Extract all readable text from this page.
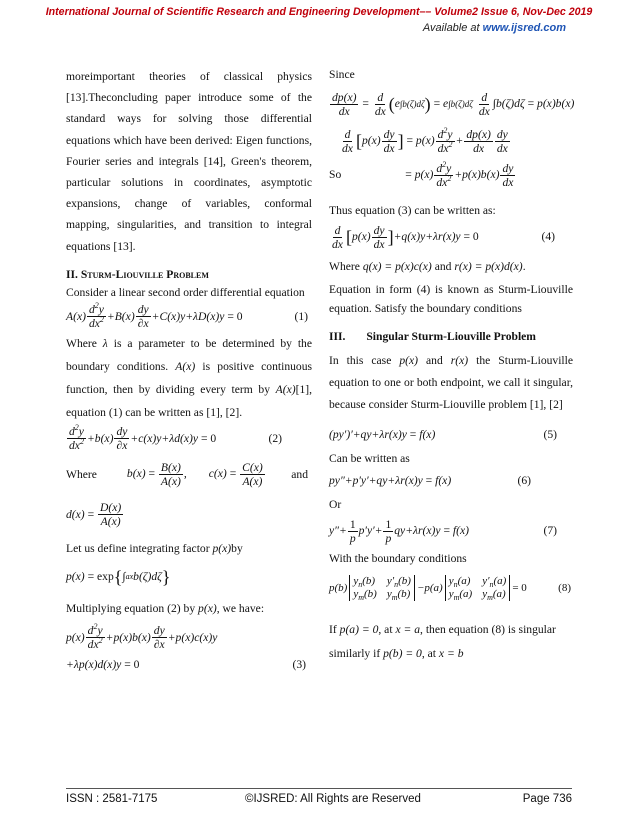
International Journal of Scientific Research and Engineering Development–– Volume2 Issue 6, Nov-Dec 2019
Available at www.ijsred.com

moreimportant theories of classical physics [13].Theconcluding paper introduce some of the standard ways for solving those differential equations which have been derived: Eigen functions, Fourier series and integrals [14], Green's theorem, particular solutions in coordinates, asymptotic expansions, change of variables, conformal mapping, singularities, and transition to integral equations [13].

II. Sturm-Liouville Problem

Consider a linear second order differential equation

$A(x) \frac{d^2y}{dx^2} +B(x) \frac{dy}{\partial x} +C(x)y+\lambda D(x)y = 0$	(1)

Where λ is a parameter to be determined by the boundary conditions. A(x) is positive continuous function, then by dividing every term by A(x)[1], equation (1) can be written as [1], [2].

$\frac{d^2y}{dx^2} +b(x) \frac{dy}{\partial x} +c(x)y+\lambda d(x)y = 0$	(2)
Where	$b(x) = \frac{B(x)}{A(x)}$ , $c(x) = \frac{C(x)}{A(x)}$ and
$d(x) = \frac{D(x)}{A(x)}$

Let us define integrating factor p(x)by

p(x) = exp { ∫ a x b(ζ)dζ }

Multiplying equation (2) by p(x), we have:

$p(x) \frac{d^2y}{dx^2} +p(x)b(x) \frac{dy}{\partial x} +p(x)c(x)y$
+λp(x)d(x)y = 0	(3)

Since

$\frac{dp(x)}{dx} = \frac{d}{dx}$ ( e ∫b(ζ)dζ ) = e ∫b(ζ)dζ
$\frac{d}{dx} \int b(\zeta)d\zeta = p(x)b(x)$
$\frac{d}{dx}$ [ $p(x) \frac{dy}{dx}$ ] = $p(x) \frac{d^2y}{dx^2} + \frac{dp(x)}{dx} \frac{dy}{dx}$
So	= $p(x) \frac{d^2y}{dx^2} +p(x)b(x) \frac{dy}{dx}$

Thus equation (3) can be written as:

$\frac{d}{dx}$ [ $p(x) \frac{dy}{dx}$ ] +q(x)y+λr(x)y = 0	(4)

Where q(x) = p(x)c(x) and r(x) = p(x)d(x).

Equation in form (4) is known as Sturm-Liouville equation. Satisfy the boundary conditions

III. Singular Sturm-Liouville Problem

In this case p(x) and r(x) the Sturm-Liouville equation to one or both endpoint, we call it singular, because consider Sturm-Liouville problem [1], [2]

(py′)′+qy+λr(x)y = f(x)	(5)

Can be written as

py″+p′y′+qy+λr(x)y = f(x)	(6)

Or

$y''+ \frac{1}{p} p'y'+ \frac{1}{p} qy+\lambda r(x)y = f(x)$	(7)

With the boundary conditions

p(b)
$y_n(b)$ $y'_n(b)$
$y_m(b)$ $y_m(b) -p(a)$
$y_n(a)$ $y'_n(a)$
$y_m(a) y_m(a) = 0$	(8)

If p(a) = 0, at x = a, then equation (8) is singular
similarly if p(b) = 0, at x = b

ISSN : 2581-7175	©IJSRED: All Rights are Reserved	Page 736
